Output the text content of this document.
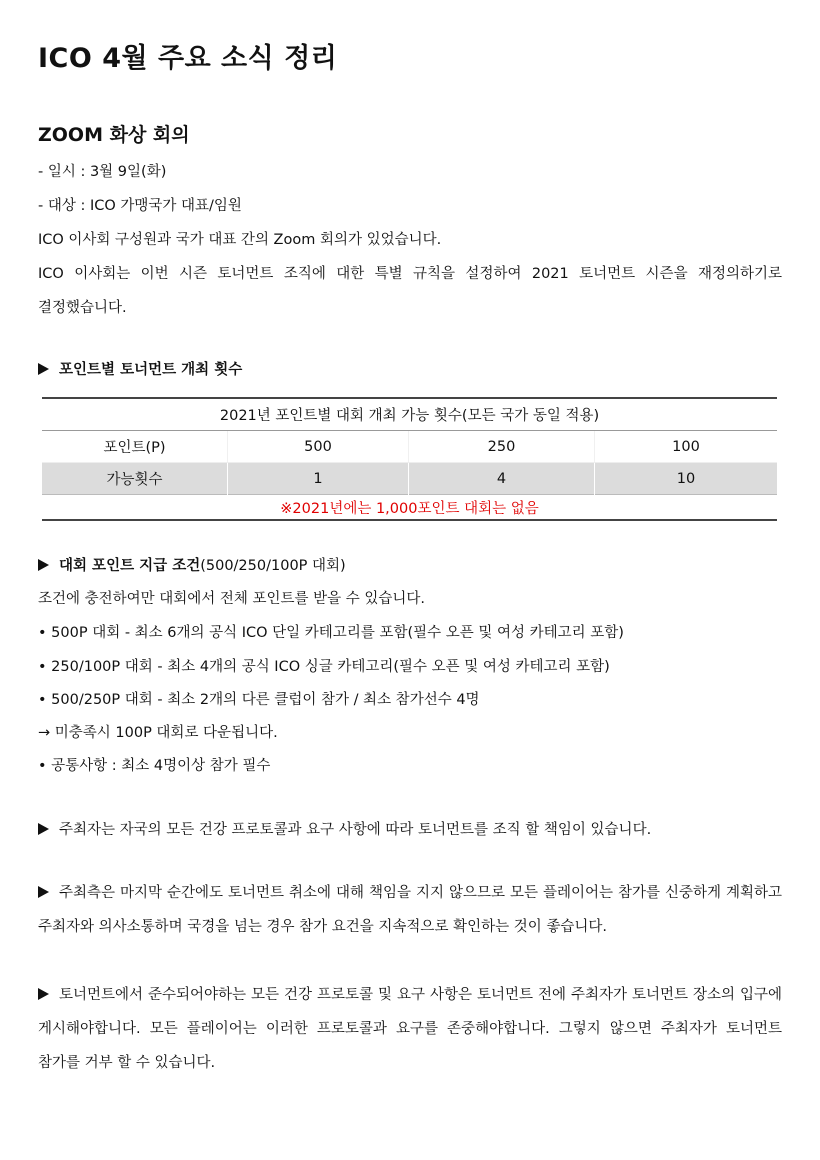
ICO 4월 주요 소식 정리
ZOOM 화상 회의
- 일시 : 3월 9일(화)
- 대상 : ICO 가맹국가 대표/임원
ICO 이사회 구성원과 국가 대표 간의 Zoom 회의가 있었습니다.
ICO 이사회는 이번 시즌 토너먼트 조직에 대한 특별 규칙을 설정하여 2021 토너먼트 시즌을 재정의하기로 결정했습니다.
포인트별 토너먼트 개최 횟수
2021년 포인트별 대회 개최 가능 횟수(모든 국가 동일 적용)			
포인트(P)	500	250	100
가능횟수	1	4	10
※2021년에는 1,000포인트 대회는 없음			
대회 포인트 지급 조건(500/250/100P 대회)
조건에 충전하여만 대회에서 전체 포인트를 받을 수 있습니다.
• 500P 대회 - 최소 6개의 공식 ICO 단일 카테고리를 포함(필수 오픈 및 여성 카테고리 포함)
• 250/100P 대회 - 최소 4개의 공식 ICO 싱글 카테고리(필수 오픈 및 여성 카테고리 포함)
• 500/250P 대회 - 최소 2개의 다른 클럽이 참가 / 최소 참가선수 4명
→ 미충족시 100P 대회로 다운됩니다.
• 공통사항 : 최소 4명이상 참가 필수
주최자는 자국의 모든 건강 프로토콜과 요구 사항에 따라 토너먼트를 조직 할 책임이 있습니다.
주최측은 마지막 순간에도 토너먼트 취소에 대해 책임을 지지 않으므로 모든 플레이어는 참가를 신중하게 계획하고 주최자와 의사소통하며 국경을 넘는 경우 참가 요건을 지속적으로 확인하는 것이 좋습니다.
토너먼트에서 준수되어야하는 모든 건강 프로토콜 및 요구 사항은 토너먼트 전에 주최자가 토너먼트 장소의 입구에 게시해야합니다. 모든 플레이어는 이러한 프로토콜과 요구를 존중해야합니다. 그렇지 않으면 주최자가 토너먼트 참가를 거부 할 수 있습니다.
